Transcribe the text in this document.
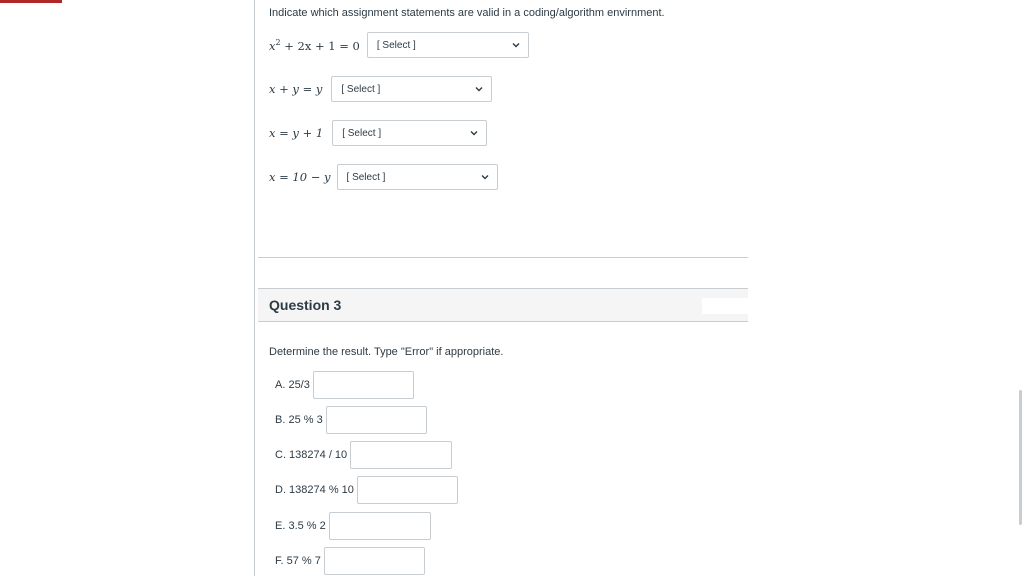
Indicate which assignment statements are valid in a coding/algorithm envirnment.
$x^2 + 2x + 1 = 0$ [ Select ]
x + y = y [ Select ]
x = y + 1 [ Select ]
x = 10 − y [ Select ]
Question 3
Determine the result. Type "Error" if appropriate.
A. 25/3
B. 25 % 3
C. 138274 / 10
D. 138274 % 10
E. 3.5 % 2
F. 57 % 7
